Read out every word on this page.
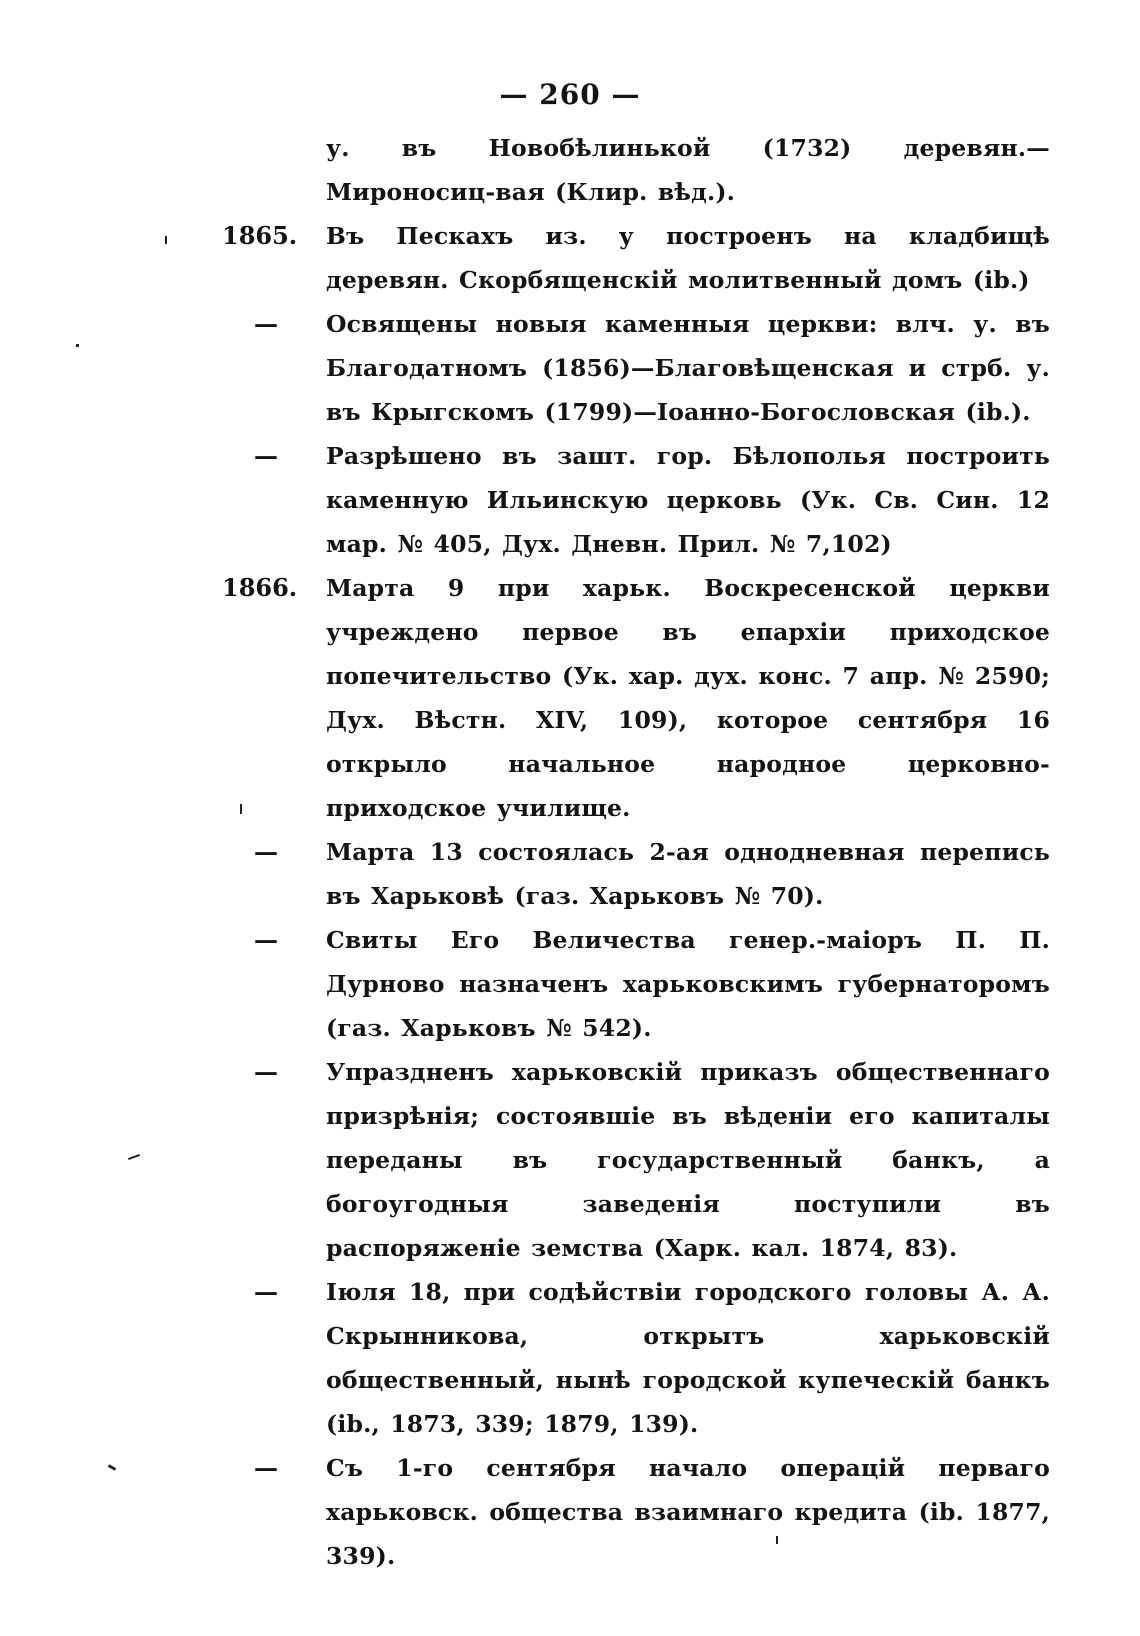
— 260 —
у. въ Новобѣлинькой (1732) деревян.—Мироносиц-вая (Клир. вѣд.).
1865. Въ Пескахъ из. у построенъ на кладбищѣ деревян. Скорбященскій молитвенный домъ (ib.)
—	Освящены новыя каменныя церкви: влч. у. въ Благодатномъ (1856)—Благовѣщенская и стрб. у. въ Крыгскомъ (1799)—Іоанно-Богословская (ib.).
—	Разрѣшено въ зашт. гор. Бѣлополья построить каменную Ильинскую церковь (Ук. Св. Син. 12 мар. № 405, Дух. Дневн. Прил. № 7,102)
1866. Марта 9 при харьк. Воскресенской церкви учреждено первое въ епархіи приходское попечительство (Ук. хар. дух. конс. 7 апр. № 2590; Дух. Вѣстн. XIV, 109), которое сентября 16 открыло начальное народное церковно-приходское училище.
—	Марта 13 состоялась 2-ая однодневная перепись въ Харьковѣ (газ. Харьковъ № 70).
—	Свиты Его Величества генер.-маіоръ П. П. Дурново назначенъ харьковскимъ губернаторомъ (газ. Харьковъ № 542).
—	Упраздненъ харьковскій приказъ общественнаго призрѣнія; состоявшіе въ вѣденіи его капиталы переданы въ государственный банкъ, а богоугодныя заведенія поступили въ распоряженіе земства (Харк. кал. 1874, 83).
—	Іюля 18, при содѣйствіи городского головы А. А. Скрынникова, открытъ харьковскій общественный, нынѣ городской купеческій банкъ (ib., 1873, 339; 1879, 139).
—	Съ 1-го сентября начало операцій перваго харьковск. общества взаимнаго кредита (ib. 1877, 339).
